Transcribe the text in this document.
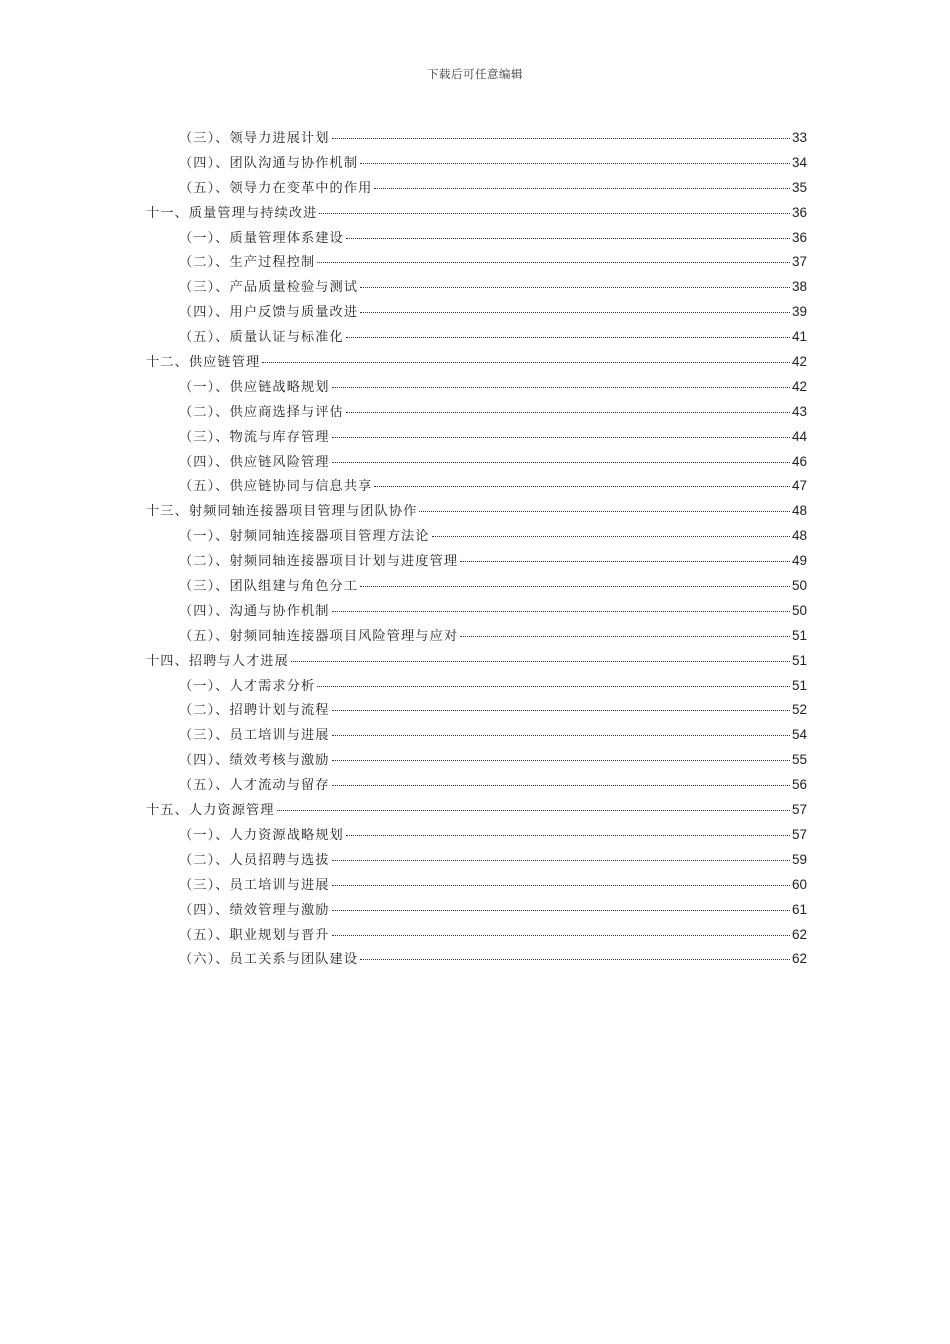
下载后可任意编辑
（三）、领导力进展计划	33
（四）、团队沟通与协作机制	34
（五）、领导力在变革中的作用	35
十一、质量管理与持续改进	36
（一）、质量管理体系建设	36
（二）、生产过程控制	37
（三）、产品质量检验与测试	38
（四）、用户反馈与质量改进	39
（五）、质量认证与标准化	41
十二、供应链管理	42
（一）、供应链战略规划	42
（二）、供应商选择与评估	43
（三）、物流与库存管理	44
（四）、供应链风险管理	46
（五）、供应链协同与信息共享	47
十三、射频同轴连接器项目管理与团队协作	48
（一）、射频同轴连接器项目管理方法论	48
（二）、射频同轴连接器项目计划与进度管理	49
（三）、团队组建与角色分工	50
（四）、沟通与协作机制	50
（五）、射频同轴连接器项目风险管理与应对	51
十四、招聘与人才进展	51
（一）、人才需求分析	51
（二）、招聘计划与流程	52
（三）、员工培训与进展	54
（四）、绩效考核与激励	55
（五）、人才流动与留存	56
十五、人力资源管理	57
（一）、人力资源战略规划	57
（二）、人员招聘与选拔	59
（三）、员工培训与进展	60
（四）、绩效管理与激励	61
（五）、职业规划与晋升	62
（六）、员工关系与团队建设	62
